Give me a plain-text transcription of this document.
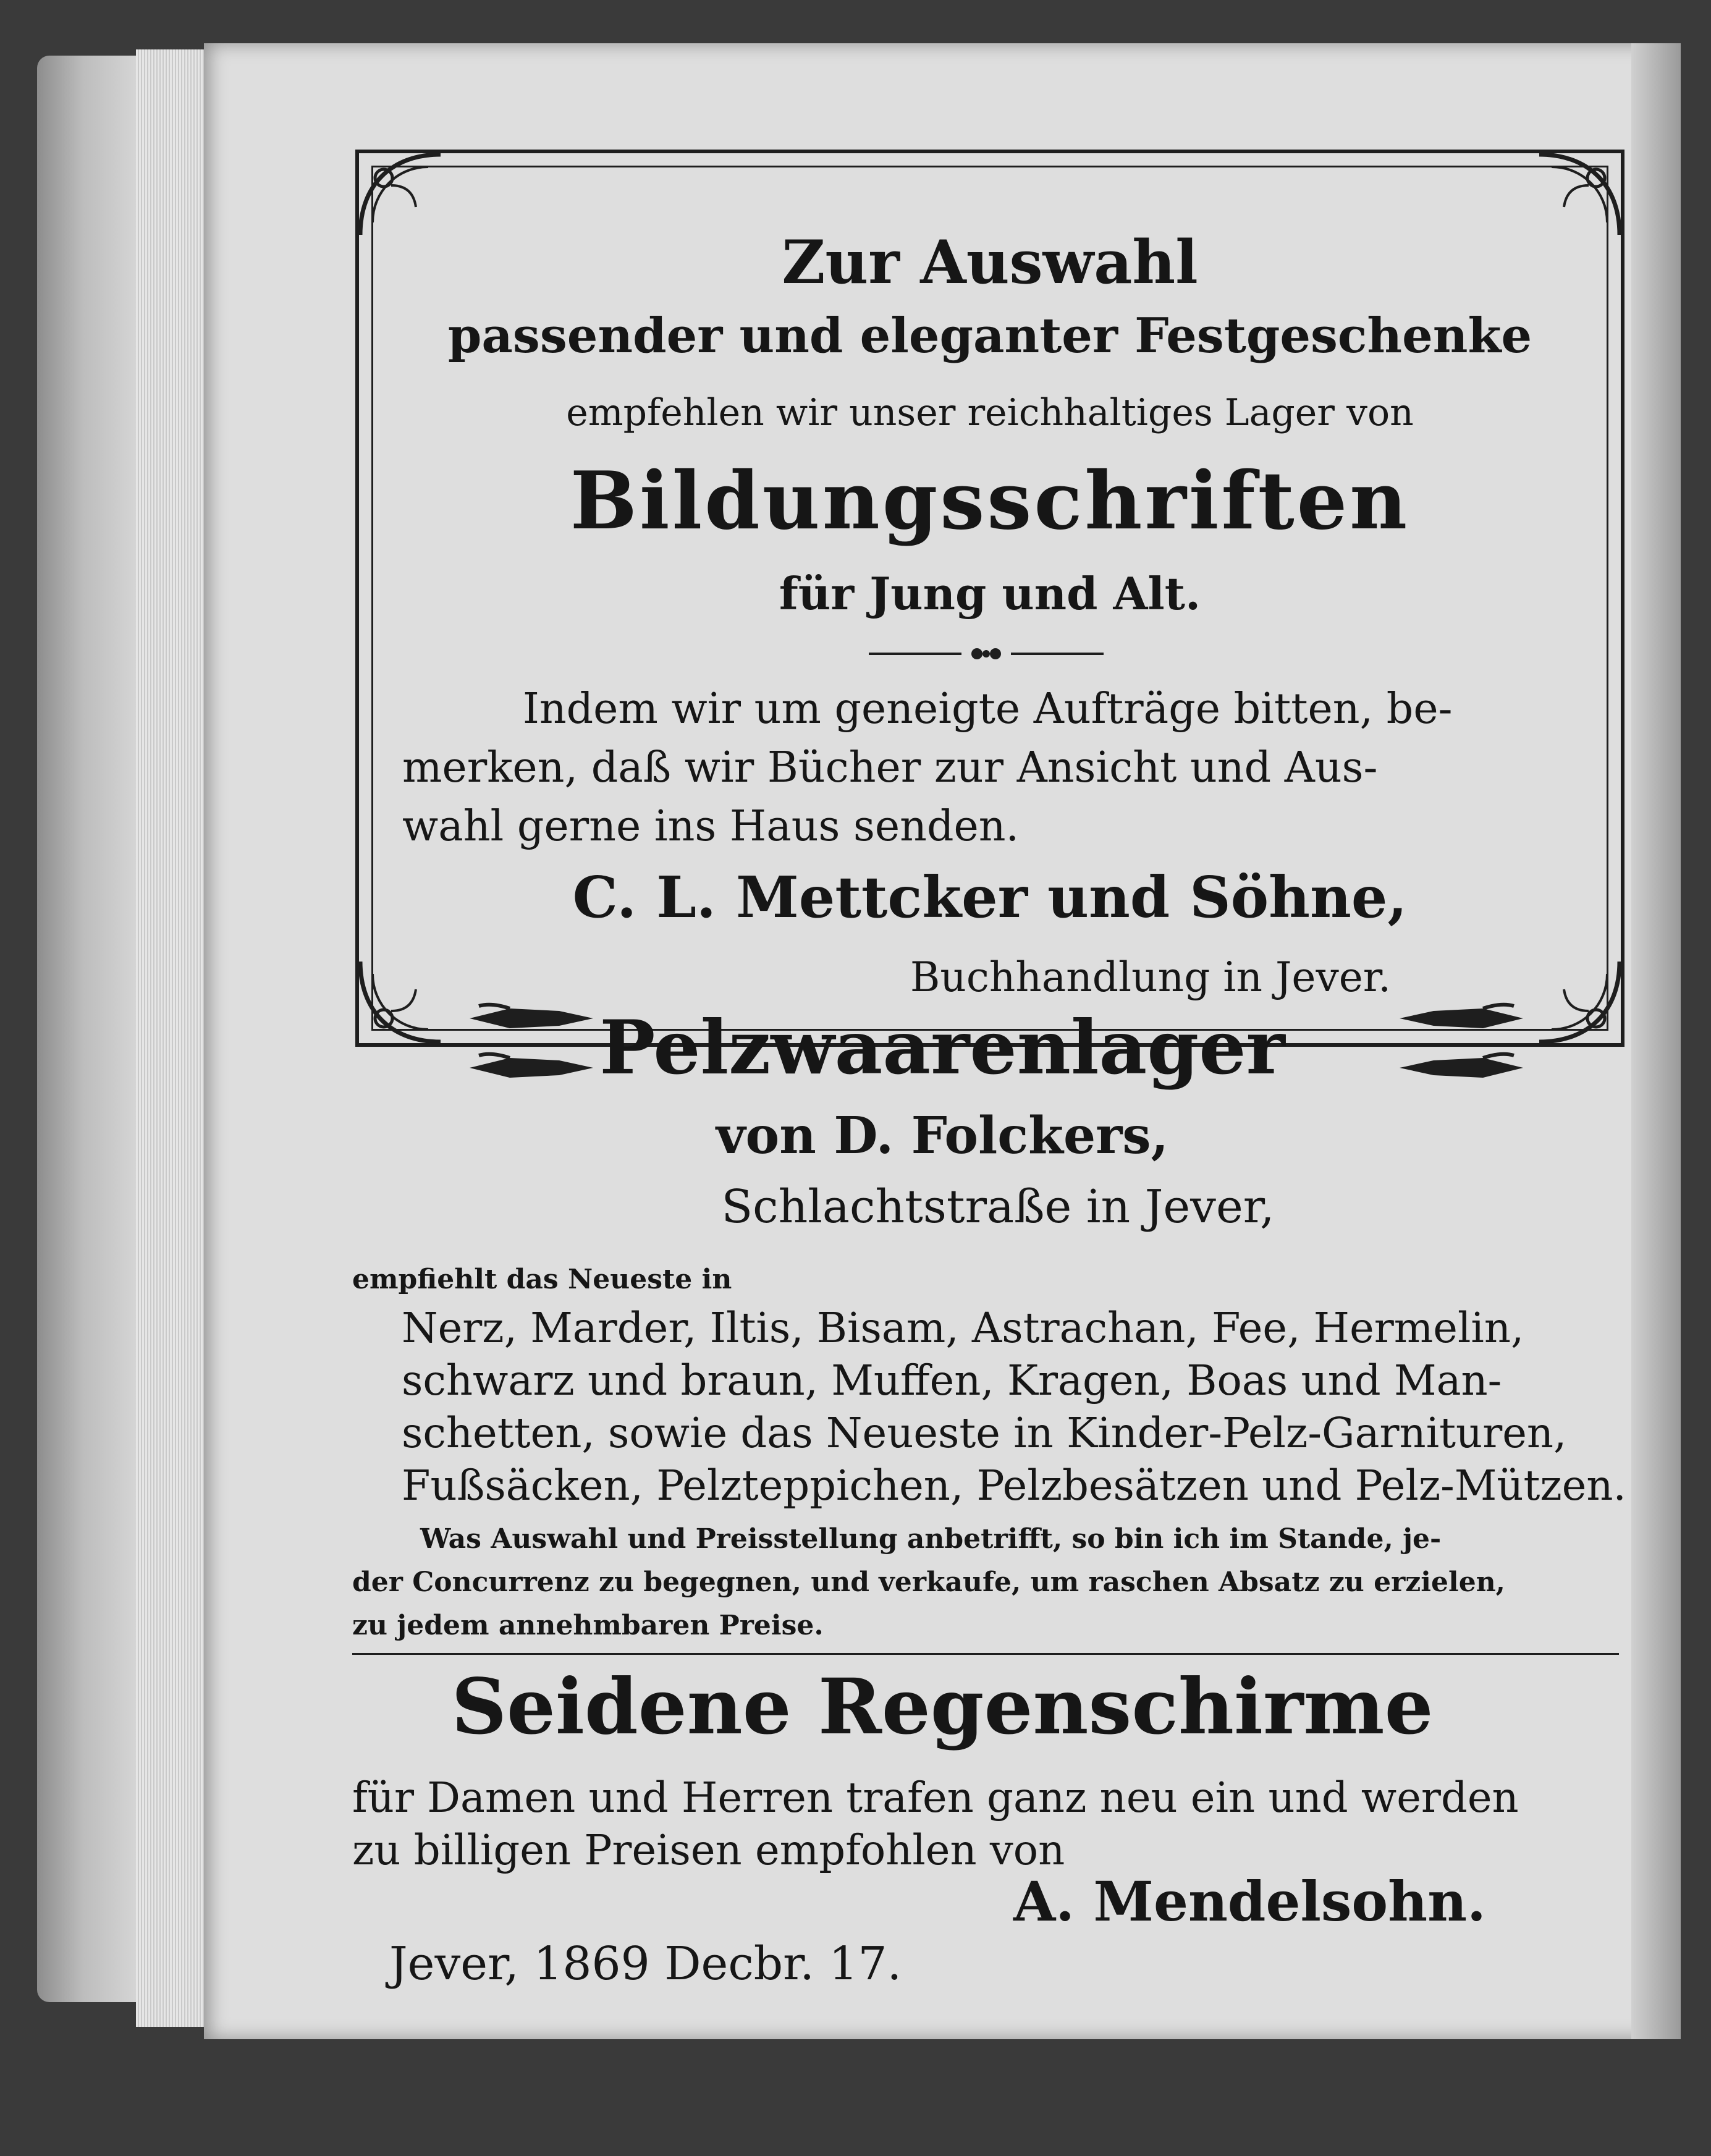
Zur Auswahl
passender und eleganter Festgeschenke
empfehlen wir unser reichhaltiges Lager von
Bildungsschriften
für Jung und Alt.
Indem wir um geneigte Aufträge bitten, be-
merken, daß wir Bücher zur Ansicht und Aus-
wahl gerne ins Haus senden.
C. L. Mettcker und Söhne,
Buchhandlung in Jever.
Pelzwaarenlager
von D. Folckers,
Schlachtstraße in Jever,
empfiehlt das Neueste in
Nerz, Marder, Iltis, Bisam, Astrachan, Fee, Hermelin,
schwarz und braun, Muffen, Kragen, Boas und Man-
schetten, sowie das Neueste in Kinder-Pelz-Garnituren,
Fußsäcken, Pelzteppichen, Pelzbesätzen und Pelz-Mützen.
Was Auswahl und Preisstellung anbetrifft, so bin ich im Stande, je-
der Concurrenz zu begegnen, und verkaufe, um raschen Absatz zu erzielen,
zu jedem annehmbaren Preise.
Seidene Regenschirme
für Damen und Herren trafen ganz neu ein und werden
zu billigen Preisen empfohlen von
A. Mendelsohn.
Jever, 1869 Decbr. 17.
